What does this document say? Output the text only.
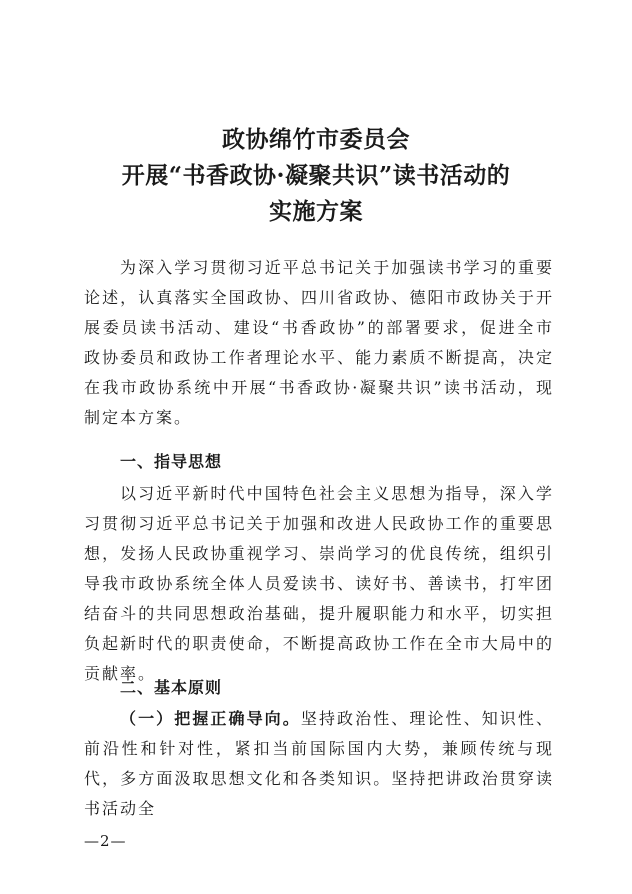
政协绵竹市委员会
开展“书香政协·凝聚共识”读书活动的
实施方案

为深入学习贯彻习近平总书记关于加强读书学习的重要论述，认真落实全国政协、四川省政协、德阳市政协关于开展委员读书活动、建设“书香政协”的部署要求，促进全市政协委员和政协工作者理论水平、能力素质不断提高，决定在我市政协系统中开展“书香政协·凝聚共识”读书活动，现制定本方案。

一、指导思想

以习近平新时代中国特色社会主义思想为指导，深入学习贯彻习近平总书记关于加强和改进人民政协工作的重要思想，发扬人民政协重视学习、崇尚学习的优良传统，组织引导我市政协系统全体人员爱读书、读好书、善读书，打牢团结奋斗的共同思想政治基础，提升履职能力和水平，切实担负起新时代的职责使命，不断提高政协工作在全市大局中的贡献率。

二、基本原则

（一）把握正确导向。坚持政治性、理论性、知识性、前沿性和针对性，紧扣当前国际国内大势，兼顾传统与现代，多方面汲取思想文化和各类知识。坚持把讲政治贯穿读书活动全

—2—
